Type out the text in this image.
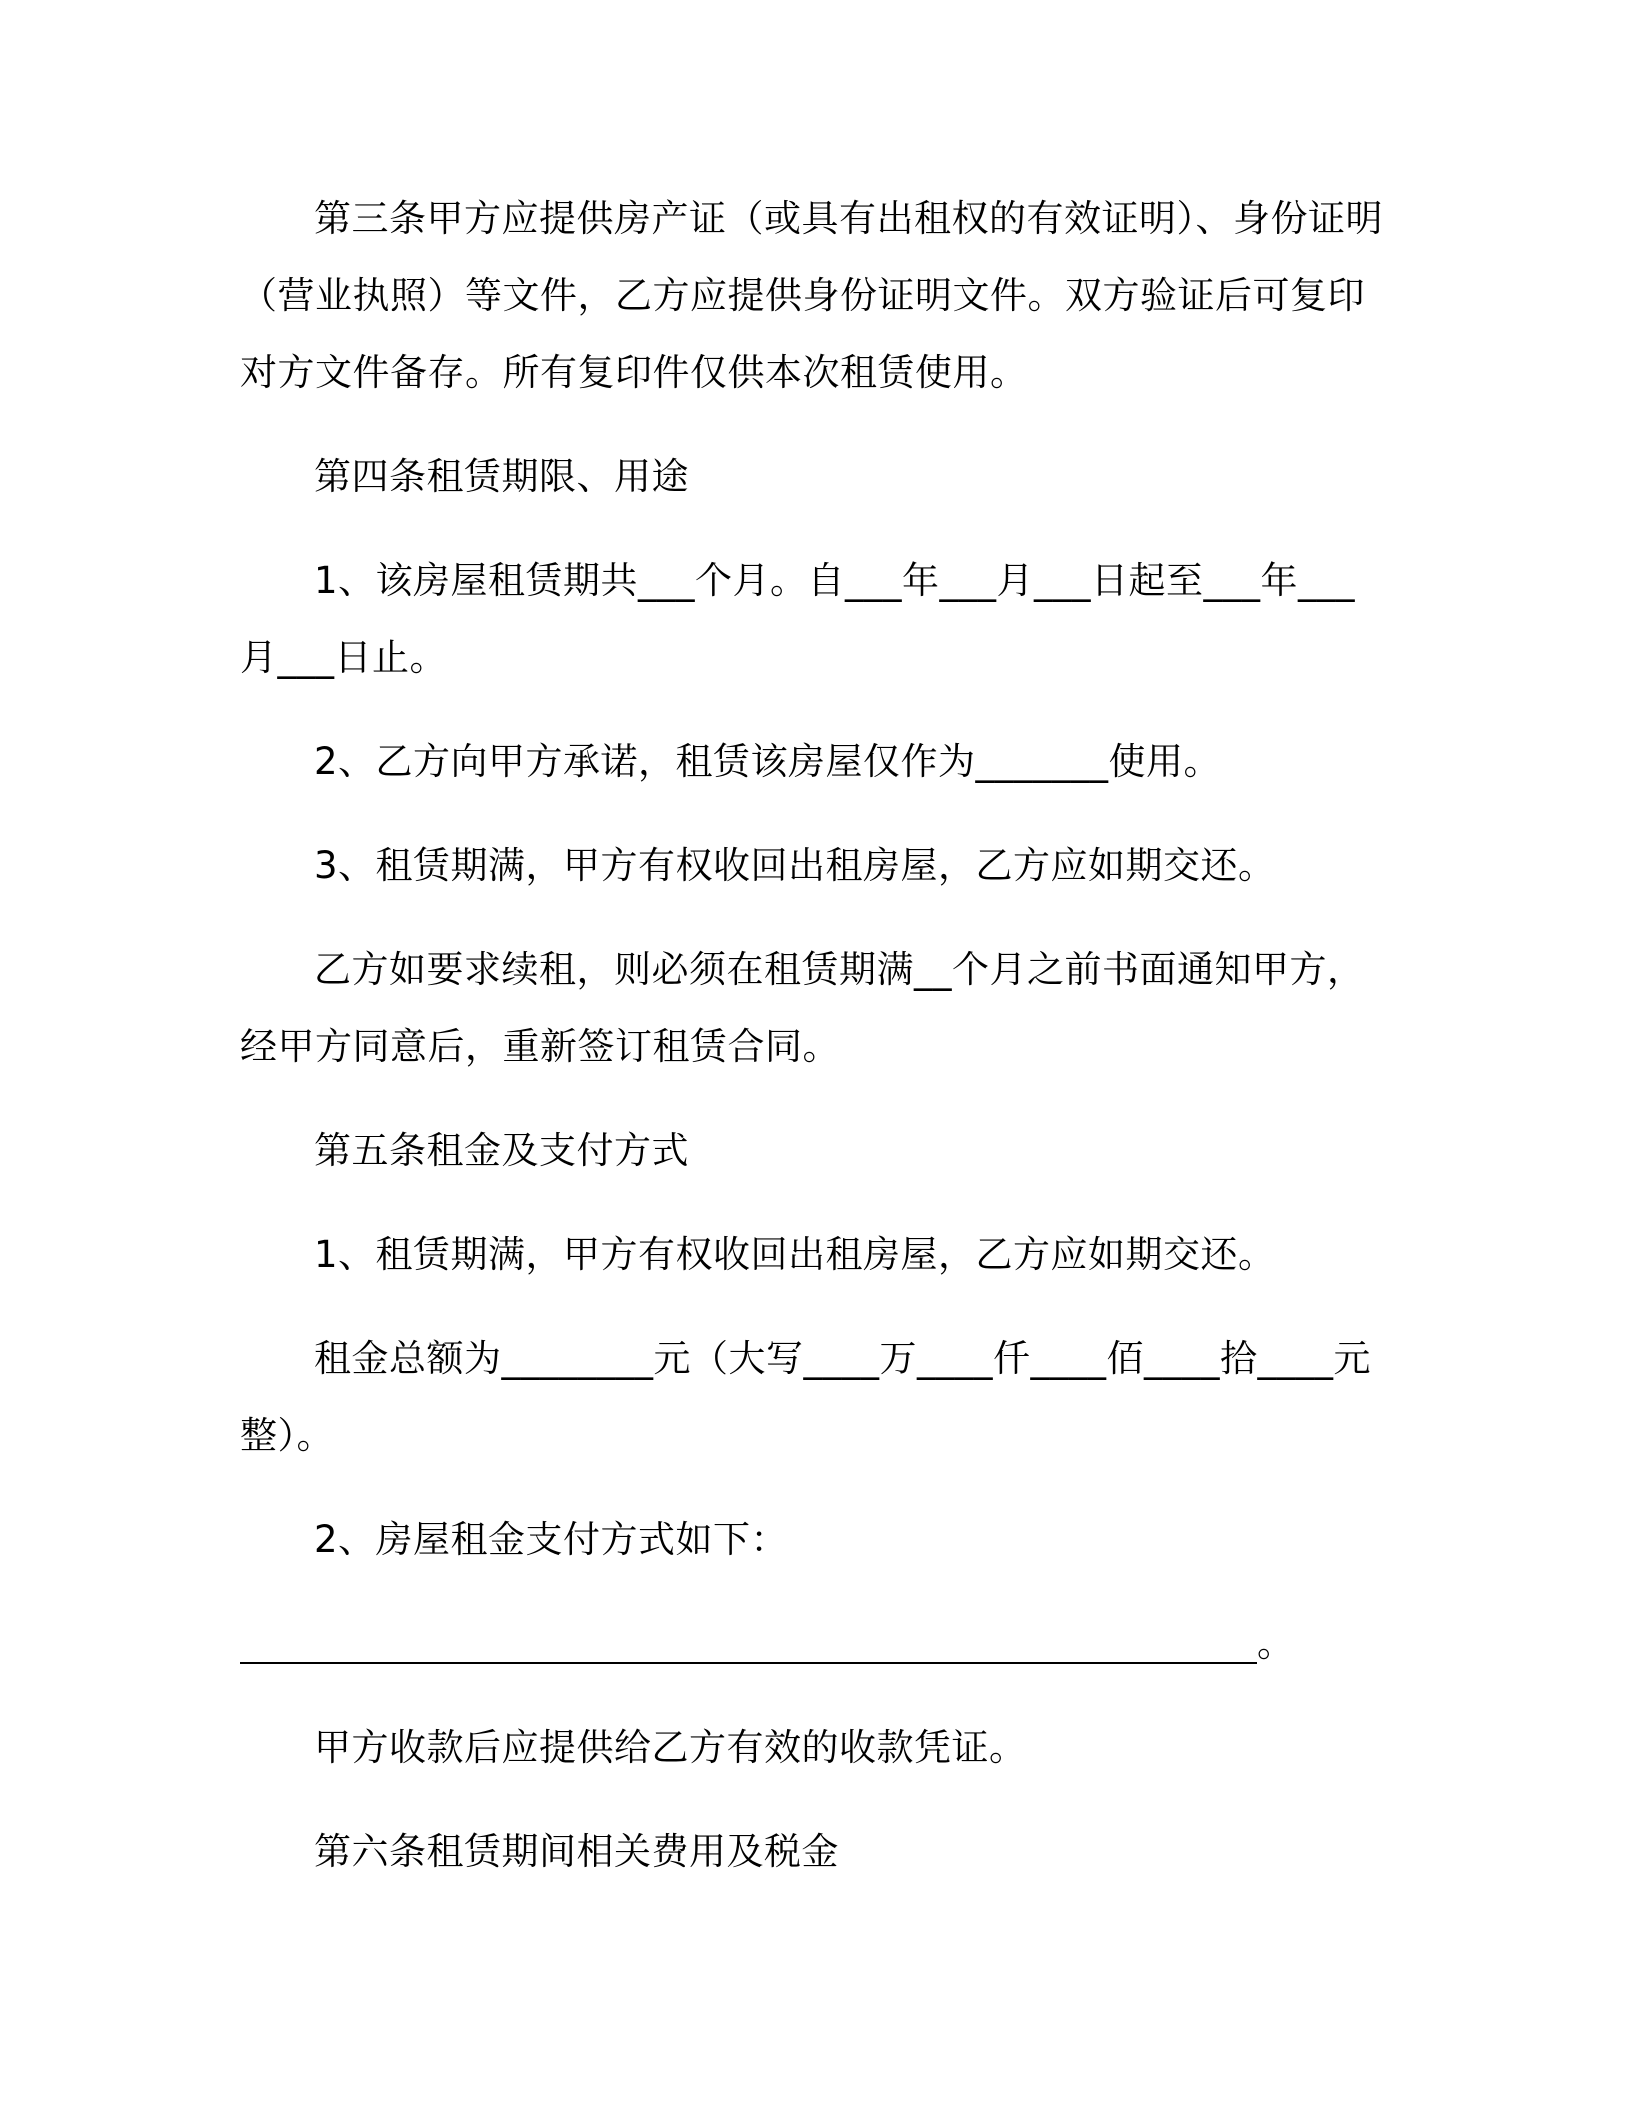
第三条甲方应提供房产证（或具有出租权的有效证明）、身份证明（营业执照）等文件，乙方应提供身份证明文件。双方验证后可复印对方文件备存。所有复印件仅供本次租赁使用。

第四条租赁期限、用途

1、该房屋租赁期共___个月。自___年___月___日起至___年___月___日止。

2、乙方向甲方承诺，租赁该房屋仅作为_______使用。

3、租赁期满，甲方有权收回出租房屋，乙方应如期交还。

乙方如要求续租，则必须在租赁期满__个月之前书面通知甲方，经甲方同意后，重新签订租赁合同。

第五条租金及支付方式

1、租赁期满，甲方有权收回出租房屋，乙方应如期交还。

租金总额为________元（大写____万____仟____佰____拾____元整）。

2、房屋租金支付方式如下：

。

甲方收款后应提供给乙方有效的收款凭证。

第六条租赁期间相关费用及税金
